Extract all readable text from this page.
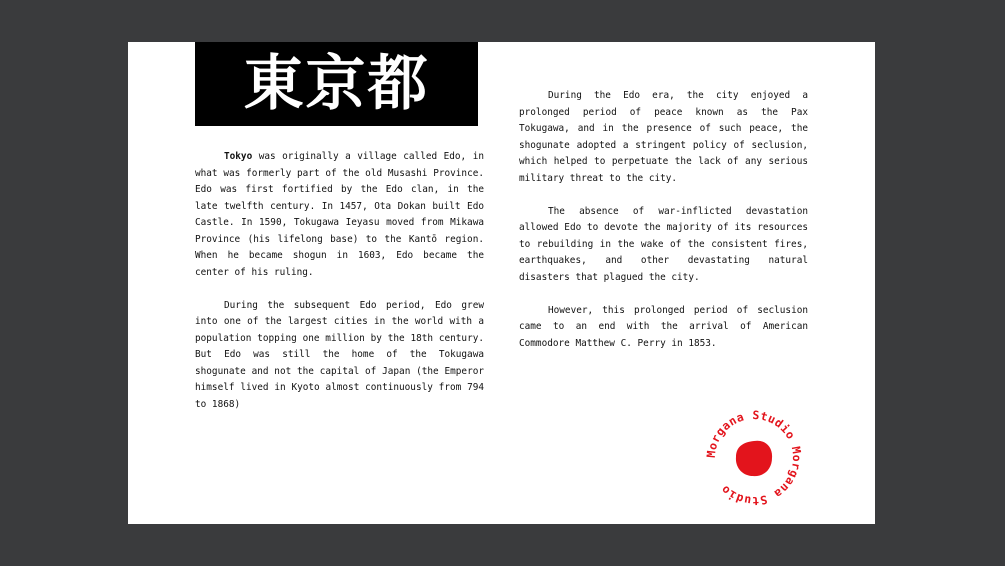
東京都

Tokyo was originally a village called Edo, in what was formerly part of the old Musashi Province. Edo was first fortified by the Edo clan, in the late twelfth century. In 1457, Ota Dokan built Edo Castle. In 1590, Tokugawa Ieyasu moved from Mikawa Province (his lifelong base) to the Kantō region. When he became shogun in 1603, Edo became the center of his ruling.

During the subsequent Edo period, Edo grew into one of the largest cities in the world with a population topping one million by the 18th century. But Edo was still the home of the Tokugawa shogunate and not the capital of Japan (the Emperor himself lived in Kyoto almost continuously from 794 to 1868)

During the Edo era, the city enjoyed a prolonged period of peace known as the Pax Tokugawa, and in the presence of such peace, the shogunate adopted a stringent policy of seclusion, which helped to perpetuate the lack of any serious military threat to the city.

The absence of war-inflicted devastation allowed Edo to devote the majority of its resources to rebuilding in the wake of the consistent fires, earthquakes, and other devastating natural disasters that plagued the city.

However, this prolonged period of seclusion came to an end with the arrival of American Commodore Matthew C. Perry in 1853.

Morgana Studio Morgana Studio
